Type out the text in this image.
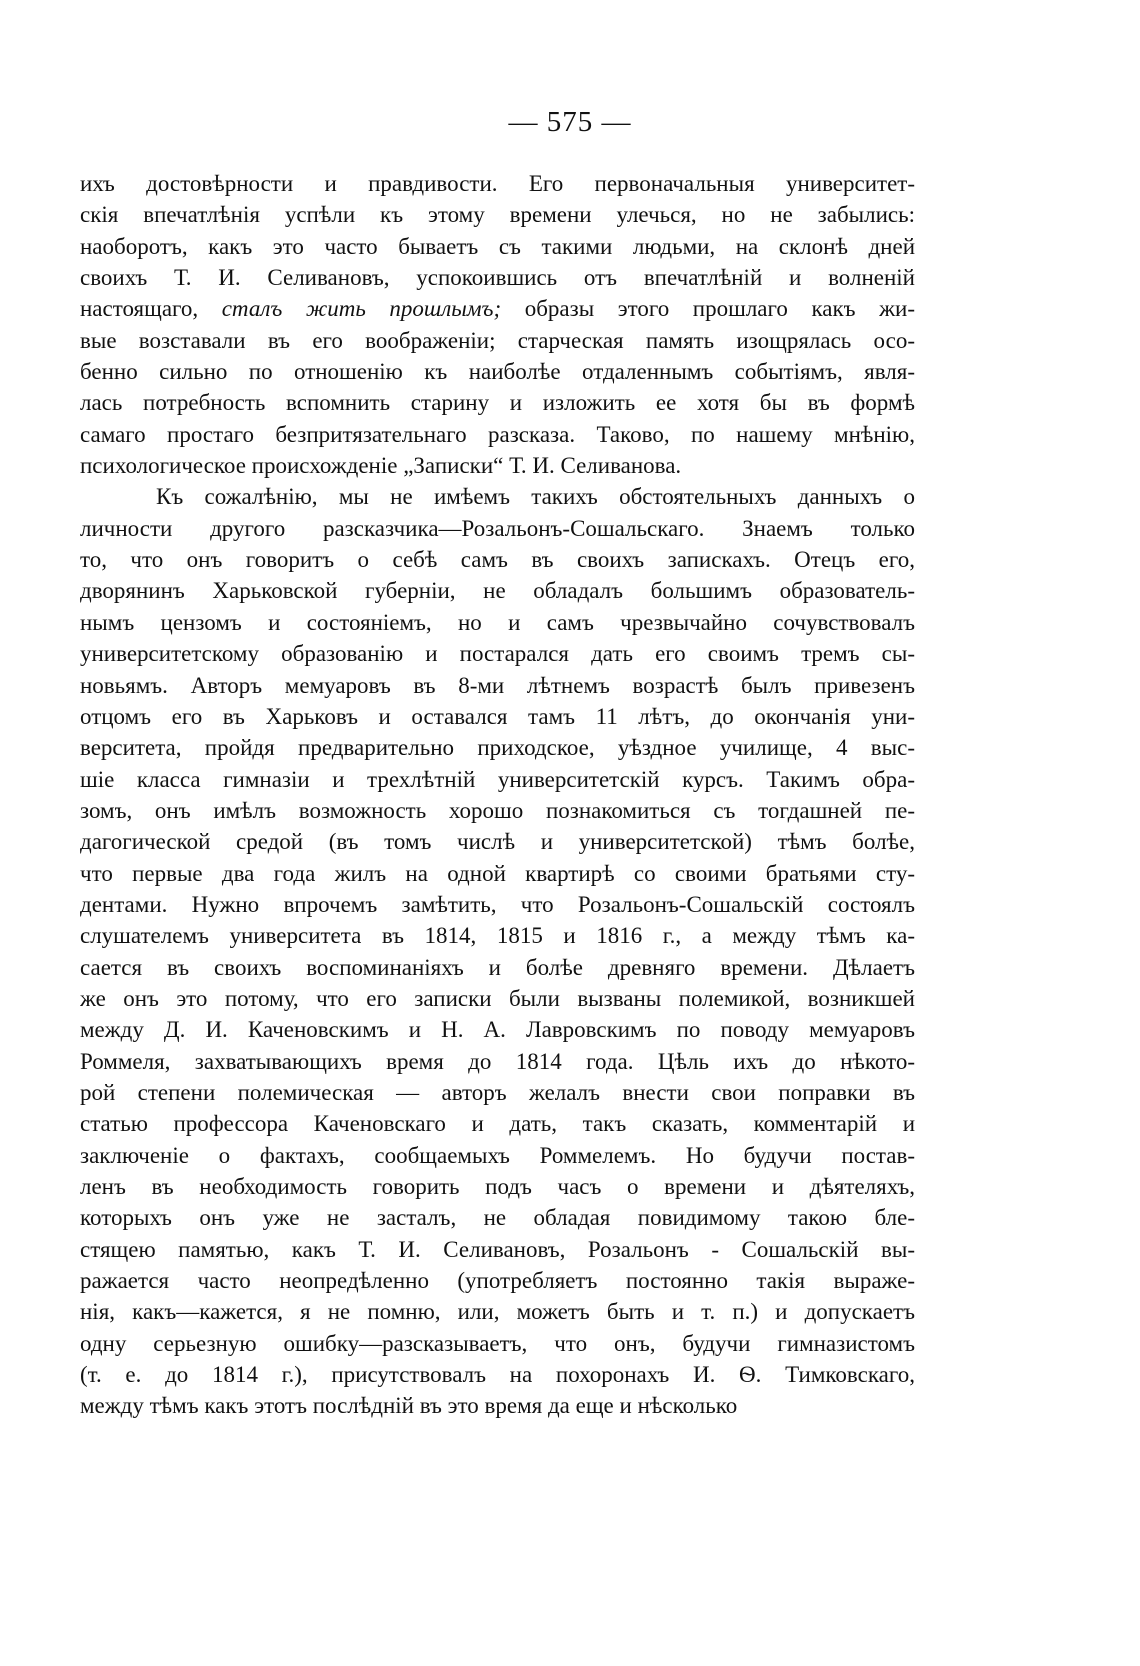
— 575 —
ихъ достовѣрности и правдивости. Его первоначальныя университет-
скія впечатлѣнія успѣли къ этому времени улечься, но не забылись:
наоборотъ, какъ это часто бываетъ съ такими людьми, на склонѣ дней
своихъ Т. И. Селивановъ, успокоившись отъ впечатлѣній и волненій
настоящаго, сталъ жить прошлымъ; образы этого прошлаго какъ жи-
вые возставали въ его воображеніи; старческая память изощрялась осо-
бенно сильно по отношенію къ наиболѣе отдаленнымъ событіямъ, явля-
лась потребность вспомнить старину и изложить ее хотя бы въ формѣ
самаго простаго безпритязательнаго разсказа. Таково, по нашему мнѣнію,
психологическое происхожденіе „Записки“ Т. И. Селиванова.
Къ сожалѣнію, мы не имѣемъ такихъ обстоятельныхъ данныхъ о
личности другого разсказчика—Розальонъ-Сошальскаго. Знаемъ только
то, что онъ говоритъ о себѣ самъ въ своихъ запискахъ. Отецъ его,
дворянинъ Харьковской губерніи, не обладалъ большимъ образователь-
нымъ цензомъ и состояніемъ, но и самъ чрезвычайно сочувствовалъ
университетскому образованію и постарался дать его своимъ тремъ сы-
новьямъ. Авторъ мемуаровъ въ 8-ми лѣтнемъ возрастѣ былъ привезенъ
отцомъ его въ Харьковъ и оставался тамъ 11 лѣтъ, до окончанія уни-
верситета, пройдя предварительно приходское, уѣздное училище, 4 выс-
шіе класса гимназіи и трехлѣтній университетскій курсъ. Такимъ обра-
зомъ, онъ имѣлъ возможность хорошо познакомиться съ тогдашней пе-
дагогической средой (въ томъ числѣ и университетской) тѣмъ болѣе,
что первые два года жилъ на одной квартирѣ со своими братьями сту-
дентами. Нужно впрочемъ замѣтить, что Розальонъ-Сошальскій состоялъ
слушателемъ университета въ 1814, 1815 и 1816 г., а между тѣмъ ка-
сается въ своихъ воспоминаніяхъ и болѣе древняго времени. Дѣлаетъ
же онъ это потому, что его записки были вызваны полемикой, возникшей
между Д. И. Каченовскимъ и Н. А. Лавровскимъ по поводу мемуаровъ
Роммеля, захватывающихъ время до 1814 года. Цѣль ихъ до нѣкото-
рой степени полемическая — авторъ желалъ внести свои поправки въ
статью профессора Каченовскаго и дать, такъ сказать, комментарій и
заключеніе о фактахъ, сообщаемыхъ Роммелемъ. Но будучи постав-
ленъ въ необходимость говорить подъ часъ о времени и дѣятеляхъ,
которыхъ онъ уже не засталъ, не обладая повидимому такою бле-
стящею памятью, какъ Т. И. Селивановъ, Розальонъ - Сошальскій вы-
ражается часто неопредѣленно (употребляетъ постоянно такія выраже-
нія, какъ—кажется, я не помню, или, можетъ быть и т. п.) и допускаетъ
одну серьезную ошибку—разсказываетъ, что онъ, будучи гимназистомъ
(т. е. до 1814 г.), присутствовалъ на похоронахъ И. Ѳ. Тимковскаго,
между тѣмъ какъ этотъ послѣдній въ это время да еще и нѣсколько
